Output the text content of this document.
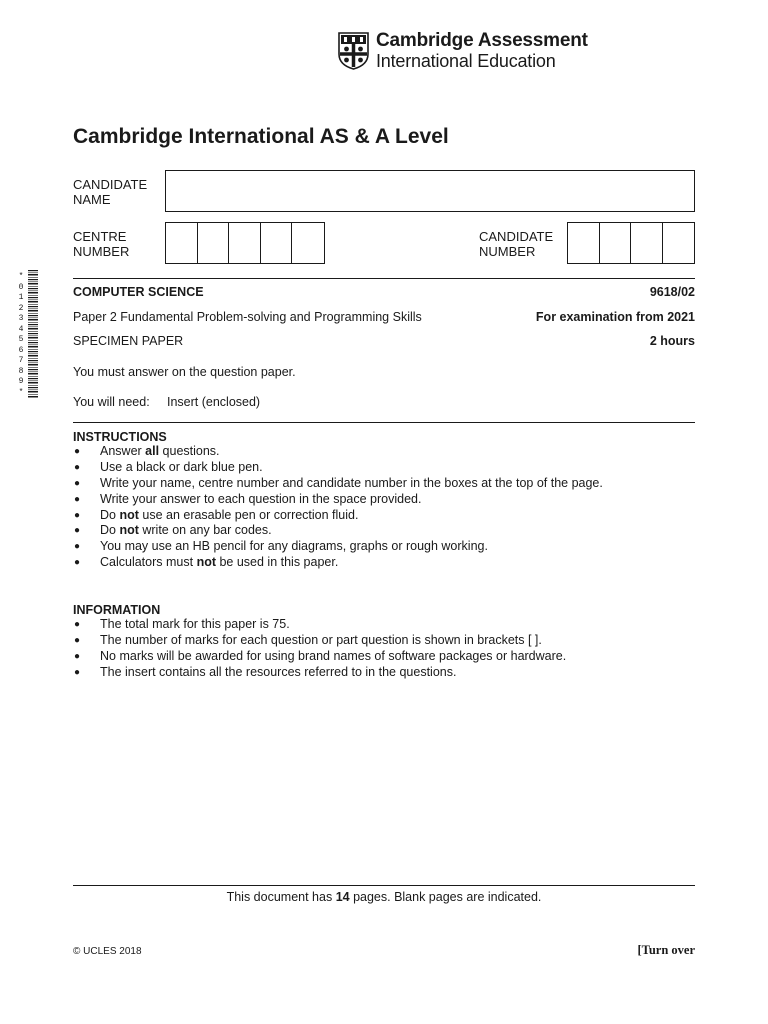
Cambridge Assessment
International Education
Cambridge International AS & A Level
CANDIDATE
NAME
CENTRE
NUMBER
CANDIDATE
NUMBER
*
0
1
2
3
4
5
6
7
8
9
*
COMPUTER SCIENCE	9618/02
Paper 2 Fundamental Problem-solving and Programming Skills	For examination from 2021
SPECIMEN PAPER	2 hours
You must answer on the question paper.
You will need: Insert (enclosed)
INSTRUCTIONS
● Answer all questions.
● Use a black or dark blue pen.
● Write your name, centre number and candidate number in the boxes at the top of the page.
● Write your answer to each question in the space provided.
● Do not use an erasable pen or correction fluid.
● Do not write on any bar codes.
● You may use an HB pencil for any diagrams, graphs or rough working.
● Calculators must not be used in this paper.
INFORMATION
● The total mark for this paper is 75.
● The number of marks for each question or part question is shown in brackets [ ].
● No marks will be awarded for using brand names of software packages or hardware.
● The insert contains all the resources referred to in the questions.
This document has 14 pages. Blank pages are indicated.
© UCLES 2018	[Turn over
